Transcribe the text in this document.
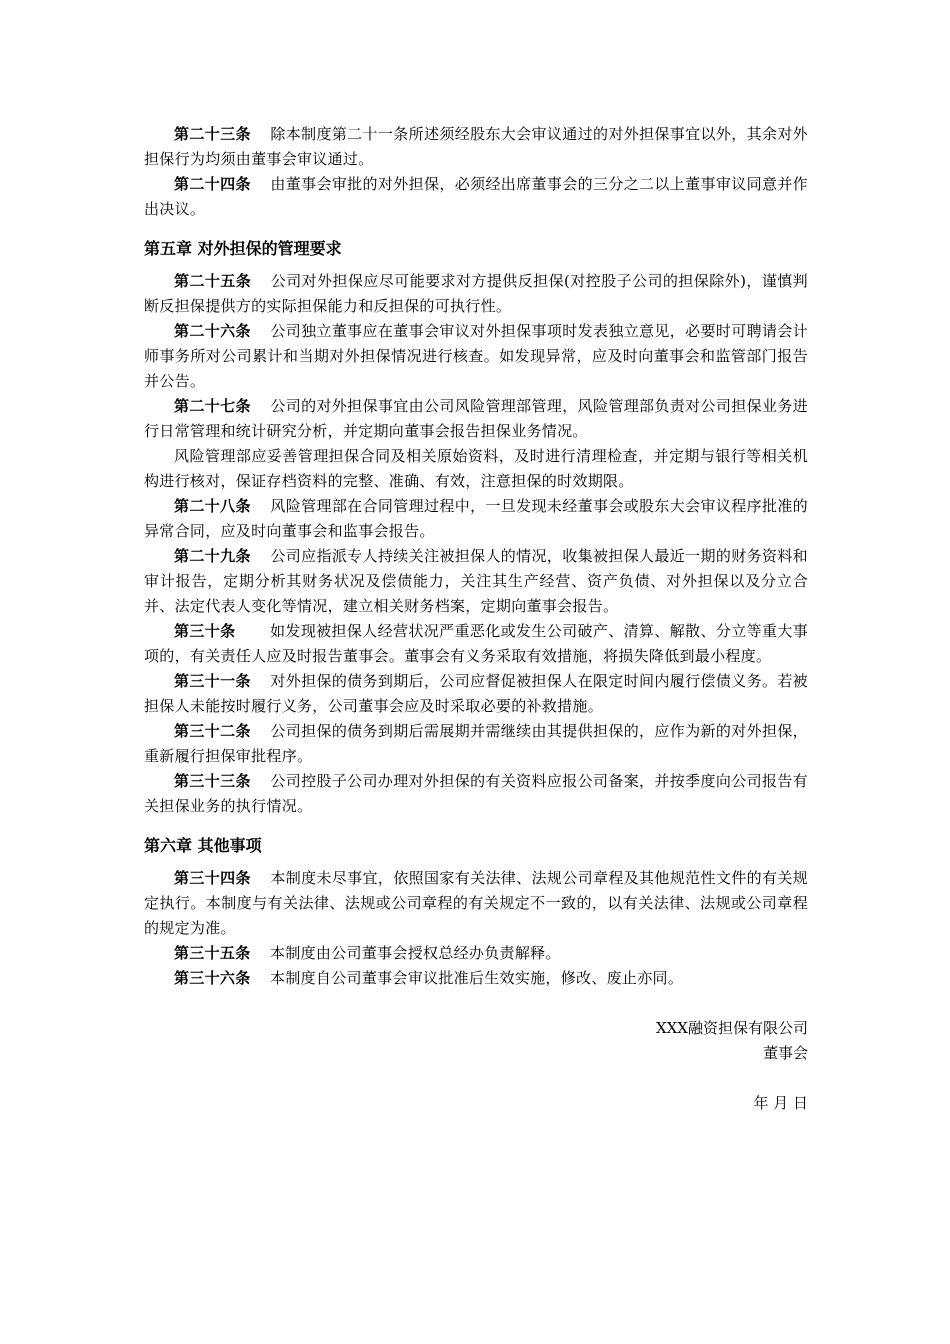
第二十三条 除本制度第二十一条所述须经股东大会审议通过的对外担保事宜以外，其余对外担保行为均须由董事会审议通过。

第二十四条 由董事会审批的对外担保，必须经出席董事会的三分之二以上董事审议同意并作出决议。

第五章 对外担保的管理要求

第二十五条 公司对外担保应尽可能要求对方提供反担保(对控股子公司的担保除外)，谨慎判断反担保提供方的实际担保能力和反担保的可执行性。

第二十六条 公司独立董事应在董事会审议对外担保事项时发表独立意见，必要时可聘请会计师事务所对公司累计和当期对外担保情况进行核查。如发现异常，应及时向董事会和监管部门报告并公告。

第二十七条 公司的对外担保事宜由公司风险管理部管理，风险管理部负责对公司担保业务进行日常管理和统计研究分析，并定期向董事会报告担保业务情况。

风险管理部应妥善管理担保合同及相关原始资料，及时进行清理检查，并定期与银行等相关机构进行核对，保证存档资料的完整、准确、有效，注意担保的时效期限。

第二十八条 风险管理部在合同管理过程中，一旦发现未经董事会或股东大会审议程序批准的异常合同，应及时向董事会和监事会报告。

第二十九条 公司应指派专人持续关注被担保人的情况，收集被担保人最近一期的财务资料和审计报告，定期分析其财务状况及偿债能力，关注其生产经营、资产负债、对外担保以及分立合并、法定代表人变化等情况，建立相关财务档案，定期向董事会报告。

第三十条 如发现被担保人经营状况严重恶化或发生公司破产、清算、解散、分立等重大事项的，有关责任人应及时报告董事会。董事会有义务采取有效措施，将损失降低到最小程度。

第三十一条 对外担保的债务到期后，公司应督促被担保人在限定时间内履行偿债义务。若被担保人未能按时履行义务，公司董事会应及时采取必要的补救措施。

第三十二条 公司担保的债务到期后需展期并需继续由其提供担保的，应作为新的对外担保，重新履行担保审批程序。

第三十三条 公司控股子公司办理对外担保的有关资料应报公司备案，并按季度向公司报告有关担保业务的执行情况。

第六章 其他事项

第三十四条 本制度未尽事宜，依照国家有关法律、法规公司章程及其他规范性文件的有关规定执行。本制度与有关法律、法规或公司章程的有关规定不一致的，以有关法律、法规或公司章程的规定为准。

第三十五条 本制度由公司董事会授权总经办负责解释。

第三十六条 本制度自公司董事会审议批准后生效实施，修改、废止亦同。

XXX融资担保有限公司

董事会

年 月 日
